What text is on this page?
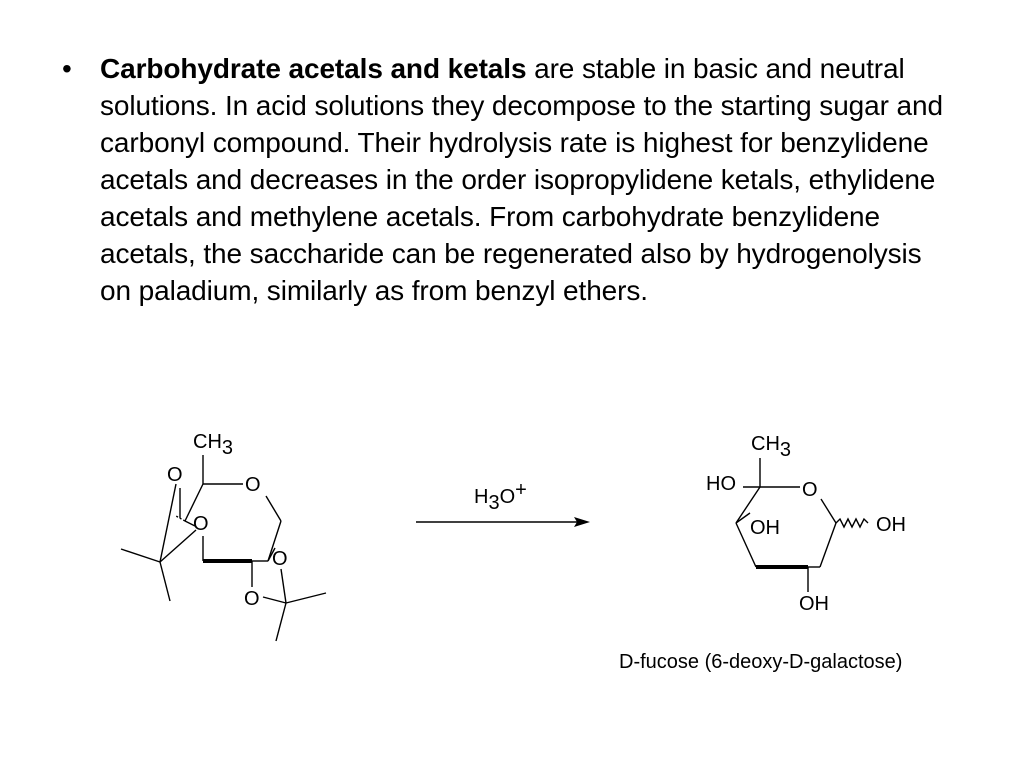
•	Carbohydrate acetals and ketals are stable in basic and neutral solutions. In acid solutions they decompose to the starting sugar and carbonyl compound. Their hydrolysis rate is highest for benzylidene acetals and decreases in the order isopropylidene ketals, ethylidene acetals and methylene acetals. From carbohydrate benzylidene acetals, the saccharide can be regenerated also by hydrogenolysis on paladium, similarly as from benzyl ethers.
CH3
O	O
O
O
O
H3O+
CH3
HO	O
OH	OH
OH
D-fucose (6-deoxy-D-galactose)
